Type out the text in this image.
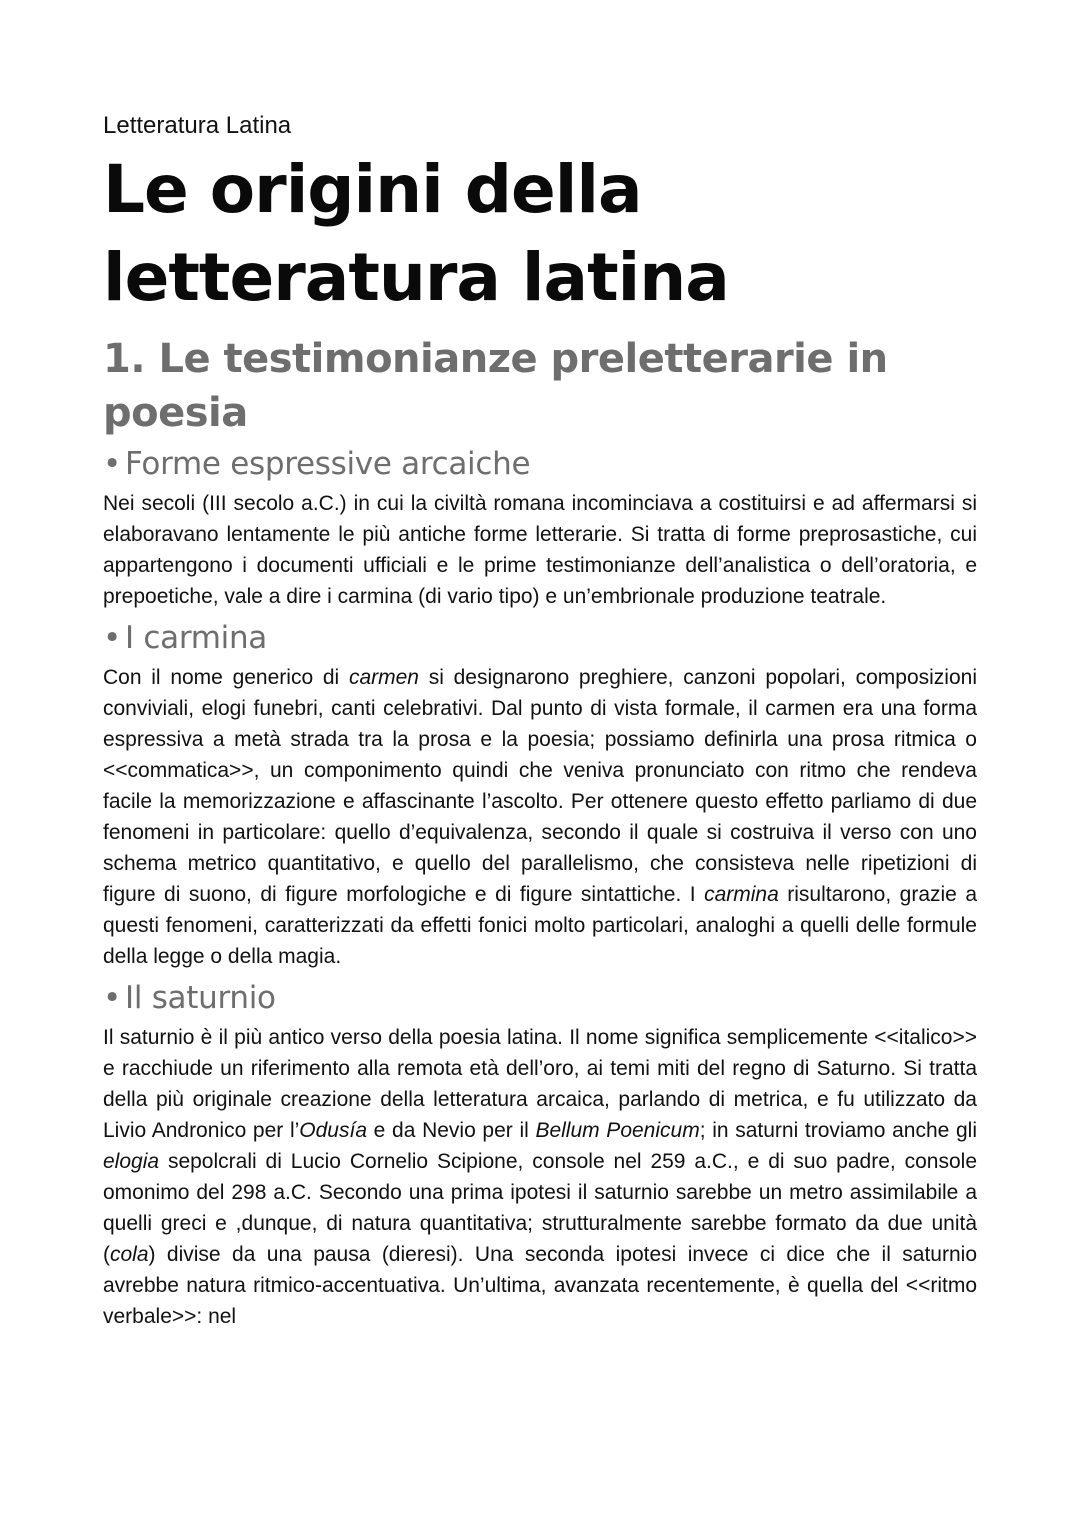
Letteratura Latina
Le origini della
letteratura latina
1. Le testimonianze preletterarie in poesia
• Forme espressive arcaiche

Nei secoli (III secolo a.C.) in cui la civiltà romana incominciava a costituirsi e ad affermarsi si elaboravano lentamente le più antiche forme letterarie. Si tratta di forme preprosastiche, cui appartengono i documenti ufficiali e le prime testimonianze dell’analistica o dell’oratoria, e prepoetiche, vale a dire i carmina (di vario tipo) e un’embrionale produzione teatrale.

• I carmina

Con il nome generico di carmen si designarono preghiere, canzoni popolari, composizioni conviviali, elogi funebri, canti celebrativi. Dal punto di vista formale, il carmen era una forma espressiva a metà strada tra la prosa e la poesia; possiamo definirla una prosa ritmica o <<commatica>>, un componimento quindi che veniva pronunciato con ritmo che rendeva facile la memorizzazione e affascinante l’ascolto. Per ottenere questo effetto parliamo di due fenomeni in particolare: quello d’equivalenza, secondo il quale si costruiva il verso con uno schema metrico quantitativo, e quello del parallelismo, che consisteva nelle ripetizioni di figure di suono, di figure morfologiche e di figure sintattiche. I carmina risultarono, grazie a questi fenomeni, caratterizzati da effetti fonici molto particolari, analoghi a quelli delle formule della legge o della magia.

• Il saturnio

Il saturnio è il più antico verso della poesia latina. Il nome significa semplicemente <<italico>> e racchiude un riferimento alla remota età dell’oro, ai temi miti del regno di Saturno. Si tratta della più originale creazione della letteratura arcaica, parlando di metrica, e fu utilizzato da Livio Andronico per l’Odusía e da Nevio per il Bellum Poenicum; in saturni troviamo anche gli elogia sepolcrali di Lucio Cornelio Scipione, console nel 259 a.C., e di suo padre, console omonimo del 298 a.C. Secondo una prima ipotesi il saturnio sarebbe un metro assimilabile a quelli greci e ,dunque, di natura quantitativa; strutturalmente sarebbe formato da due unità (cola) divise da una pausa (dieresi). Una seconda ipotesi invece ci dice che il saturnio avrebbe natura ritmico-accentuativa. Un’ultima, avanzata recentemente, è quella del <<ritmo verbale>>: nel
